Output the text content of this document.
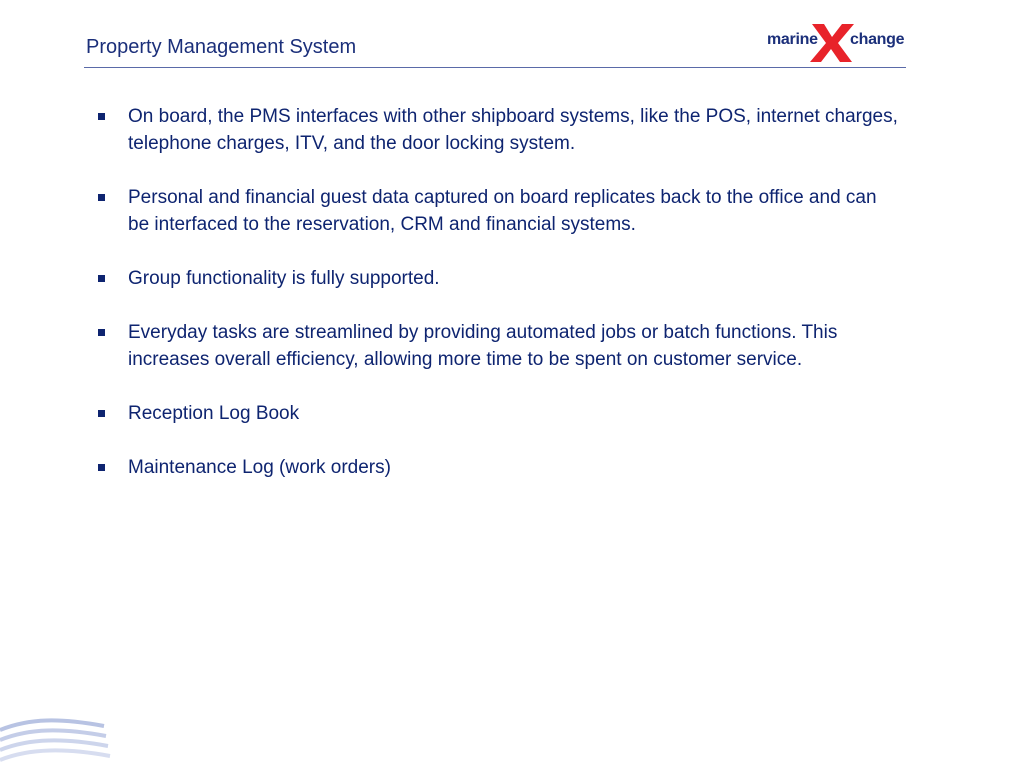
Property Management System	marine change
On board, the PMS interfaces with other shipboard systems, like the POS, internet charges, telephone charges, ITV, and the door locking system.
Personal and financial guest data captured on board replicates back to the office and can be interfaced to the reservation, CRM and financial systems.
Group functionality is fully supported.
Everyday tasks are streamlined by providing automated jobs or batch functions. This increases overall efficiency, allowing more time to be spent on customer service.
Reception Log Book
Maintenance Log (work orders)
